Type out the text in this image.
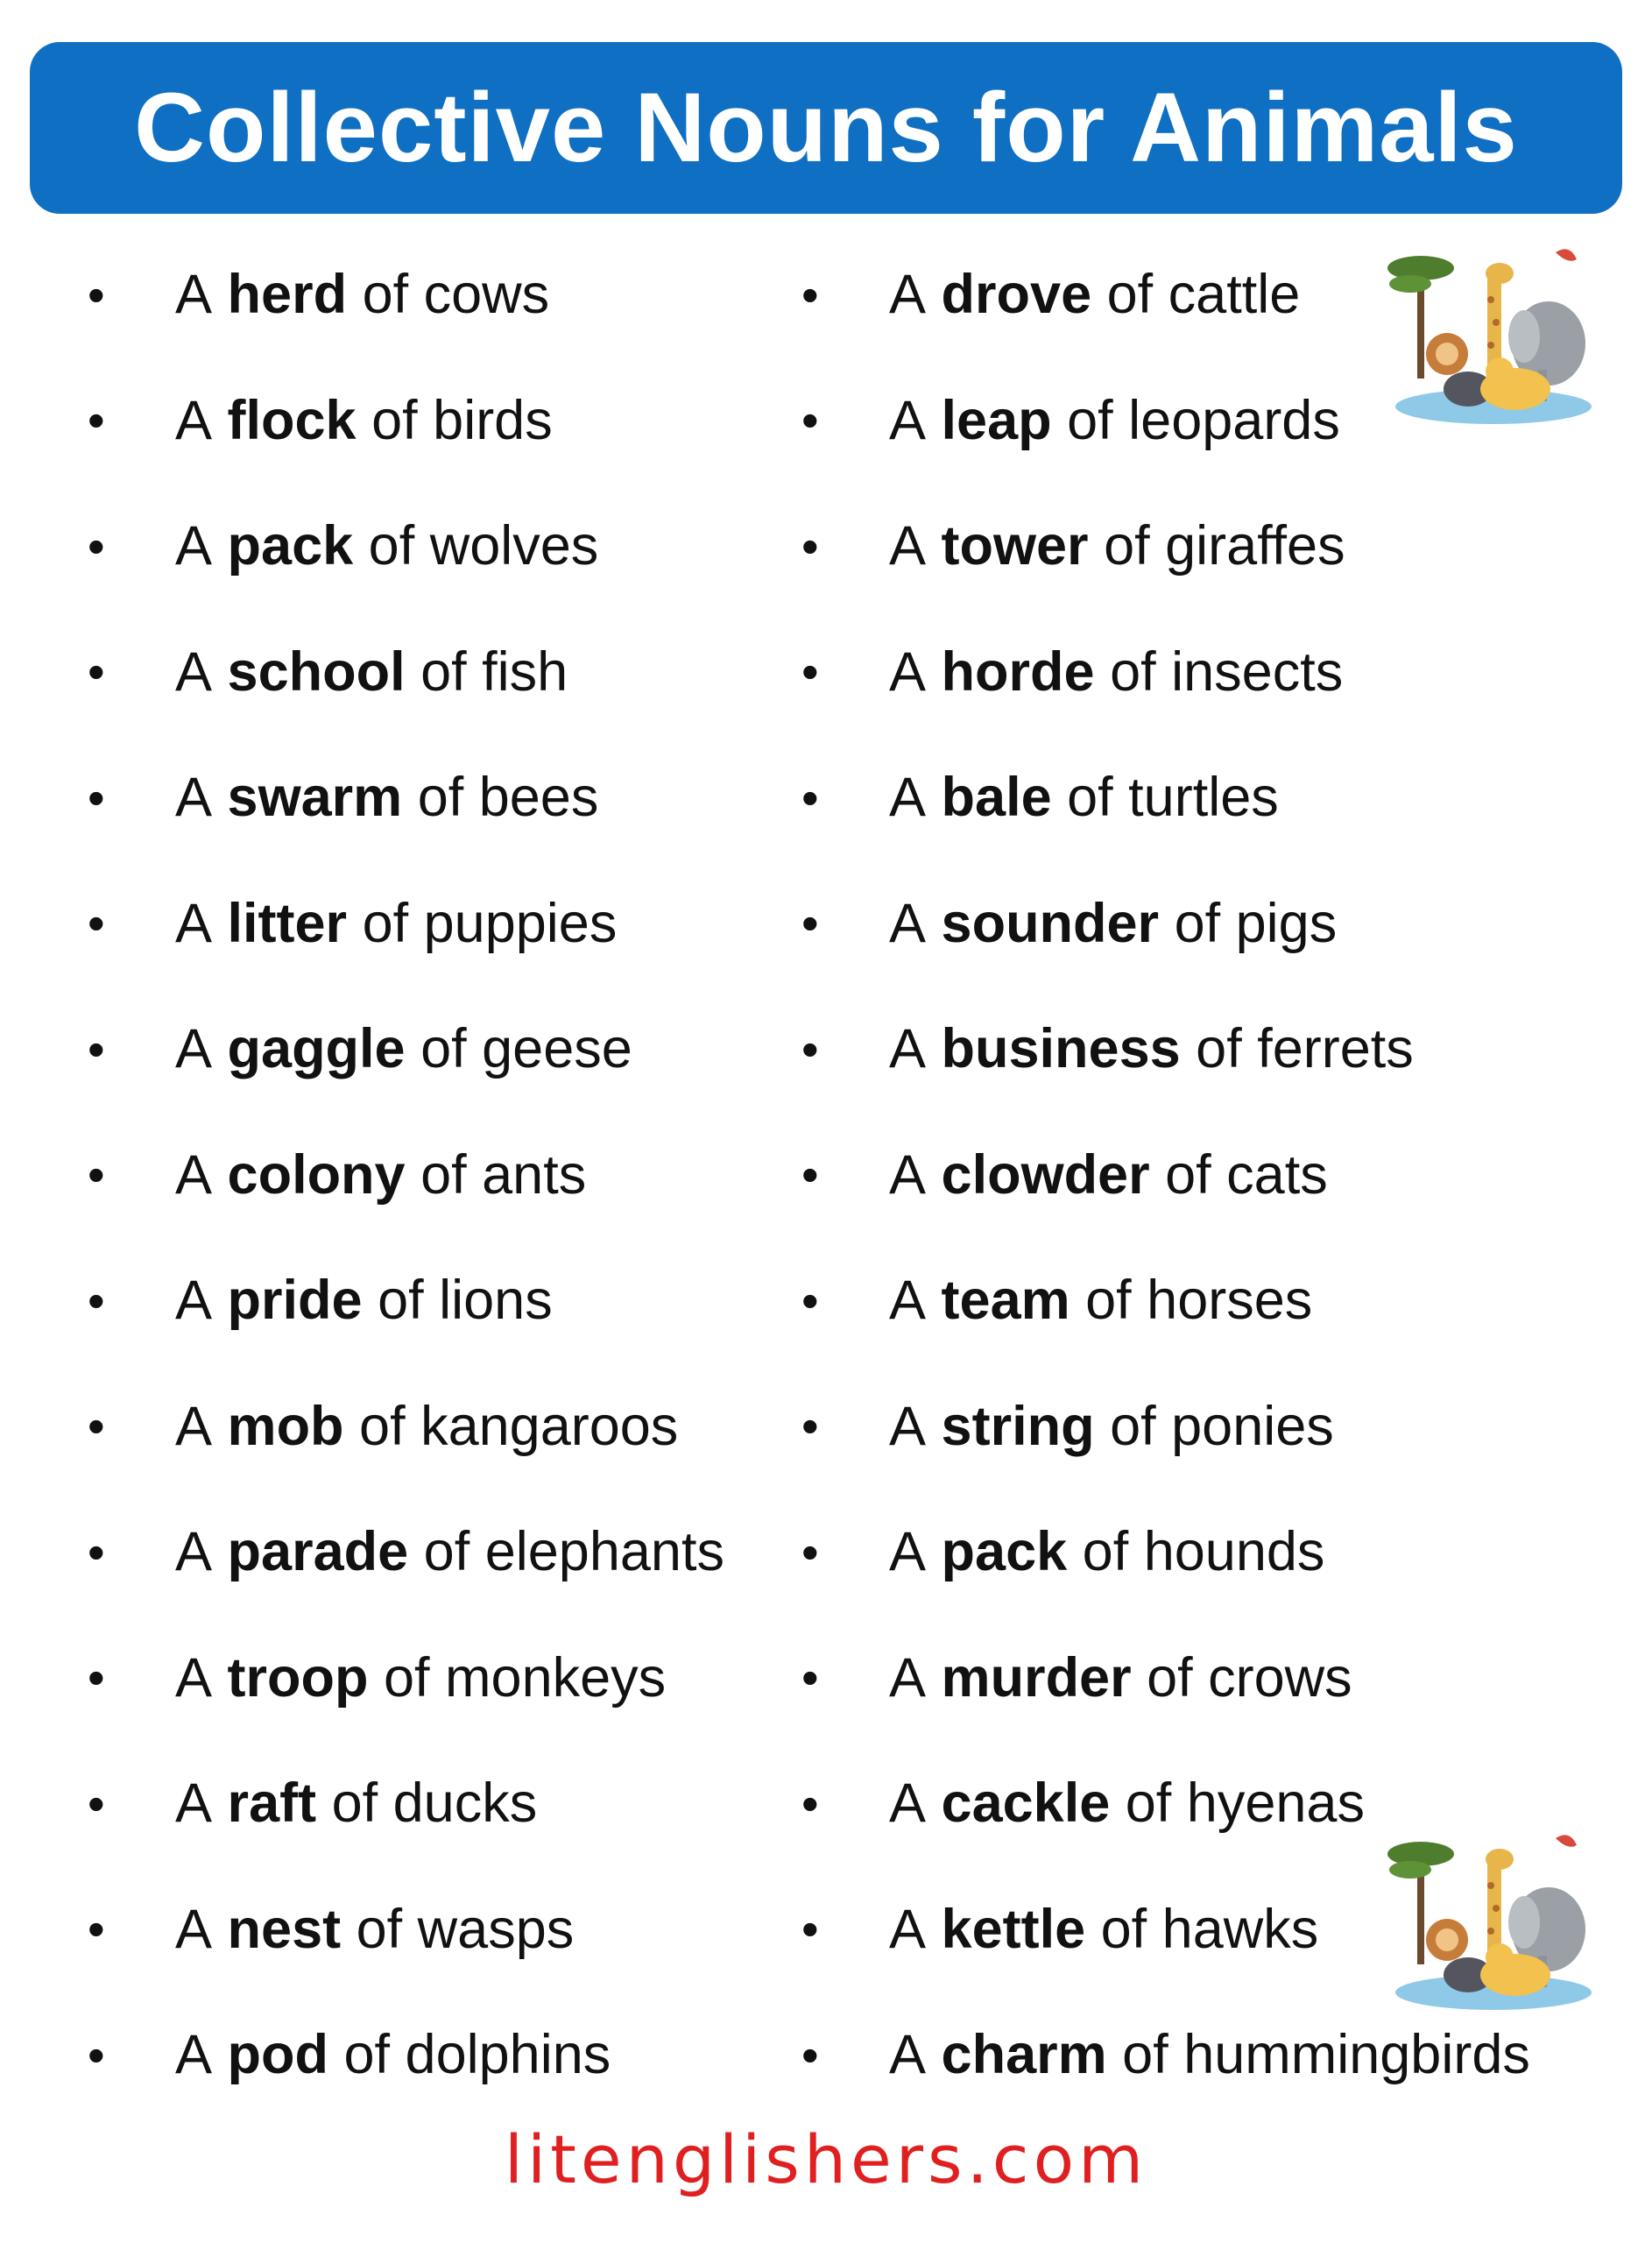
Collective Nouns for Animals
•	A
herd
of cows
•	A
flock
of birds
•	A
pack
of wolves
•	A
school
of fish
•	A
swarm
of bees
•	A
litter
of puppies
•	A
gaggle
of geese
•	A
colony
of ants
•	A
pride
of lions
•	A
mob
of kangaroos
•	A
parade
of elephants
•	A
troop
of monkeys
•	A
raft
of ducks
•	A
nest
of wasps
•	A
pod
of dolphins
•	A
drove
of cattle
•	A
leap
of leopards
•	A
tower
of giraffes
•	A
horde
of insects
•	A
bale
of turtles
•	A
sounder
of pigs
•	A
business
of ferrets
•	A
clowder
of cats
•	A
team
of horses
•	A
string
of ponies
•	A
pack
of hounds
•	A
murder
of crows
•	A
cackle
of hyenas
•	A
kettle
of hawks
•	A
charm
of hummingbirds
litenglishers.com
